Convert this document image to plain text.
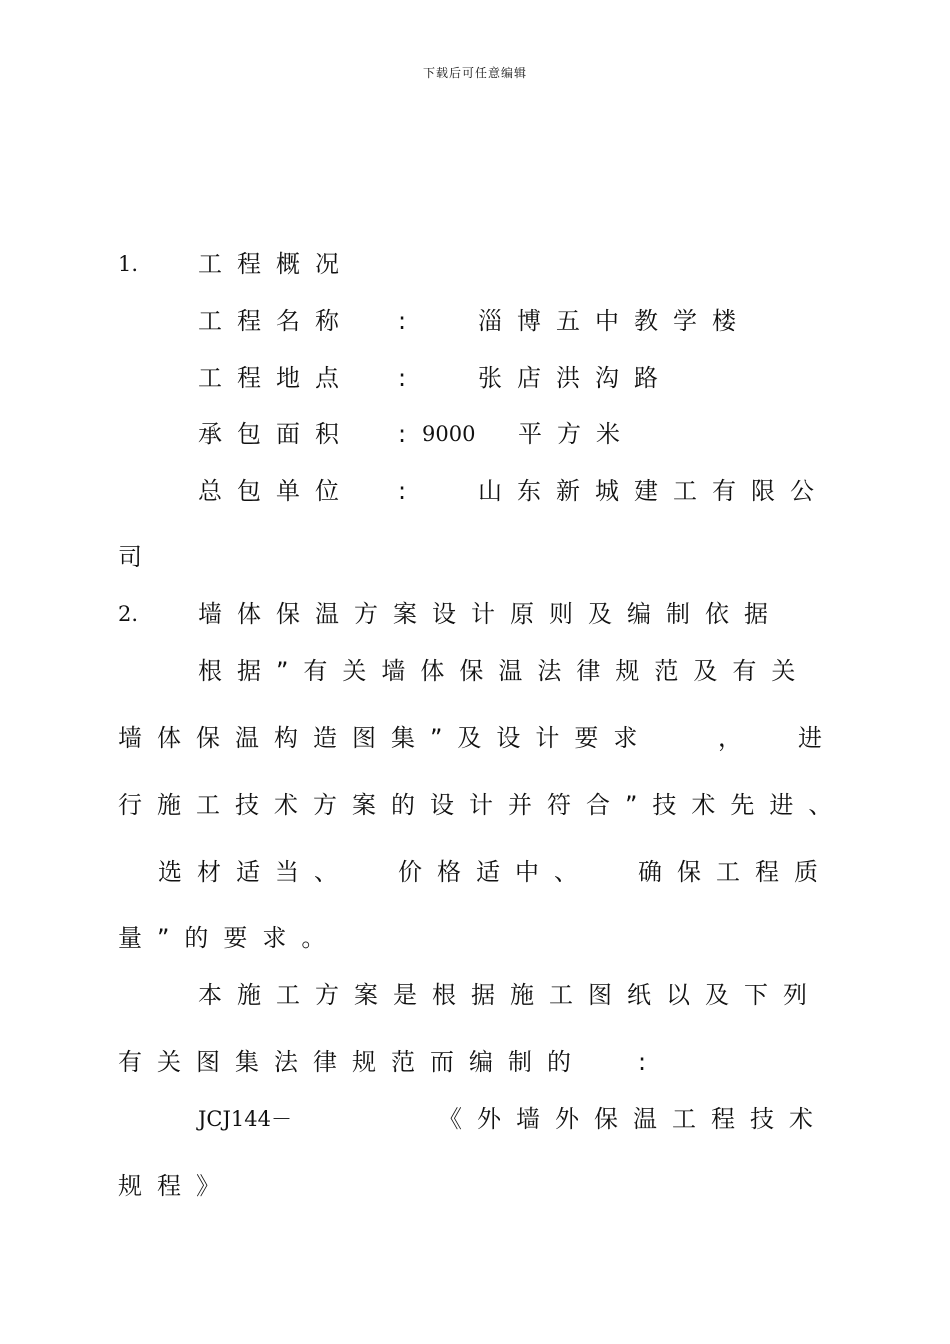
下载后可任意编辑
1. 工程概况
工程名称 : 淄博五中教学楼
工程地点 : 张店洪沟路
承包面积 : 9000 平方米
总包单位 : 山东新城建工有限公
司
2. 墙体保温方案设计原则及编制依据
根据”有关墙体保温法律规范及有关
墙体保温构造图集”及设计要求	， 进
行施工技术方案的设计并符合”技术先进、
选材适当、 价格适中、 确保工程质
量”的要求。
本施工方案是根据施工图纸以及下列
有关图集法律规范而编制的 :
JCJ144－	《外墙外保温工程技术
规程》
